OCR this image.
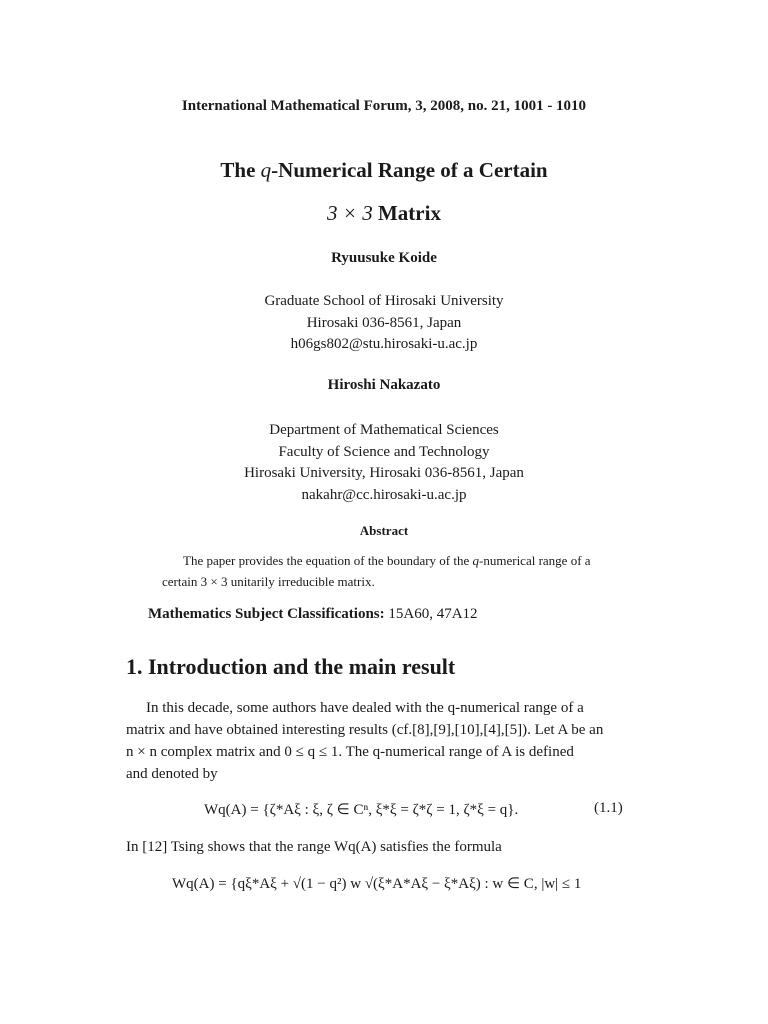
International Mathematical Forum, 3, 2008, no. 21, 1001 - 1010
The q-Numerical Range of a Certain
3 × 3 Matrix
Ryuusuke Koide
Graduate School of Hirosaki University
Hirosaki 036-8561, Japan
h06gs802@stu.hirosaki-u.ac.jp
Hiroshi Nakazato
Department of Mathematical Sciences
Faculty of Science and Technology
Hirosaki University, Hirosaki 036-8561, Japan
nakahr@cc.hirosaki-u.ac.jp
Abstract
The paper provides the equation of the boundary of the q-numerical range of a certain 3 × 3 unitarily irreducible matrix.
Mathematics Subject Classifications: 15A60, 47A12
1. Introduction and the main result
In this decade, some authors have dealed with the q-numerical range of a
matrix and have obtained interesting results (cf.[8],[9],[10],[4],[5]). Let A be an
n × n complex matrix and 0 ≤ q ≤ 1. The q-numerical range of A is defined
and denoted by
Wq(A) = {ζ*Aξ : ξ, ζ ∈ Cⁿ, ξ*ξ = ζ*ζ = 1, ζ*ξ = q}.	(1.1)
In [12] Tsing shows that the range Wq(A) satisfies the formula
Wq(A) = {qξ*Aξ + √(1 − q²) w √(ξ*A*Aξ − ξ*Aξ) : w ∈ C, |w| ≤ 1
